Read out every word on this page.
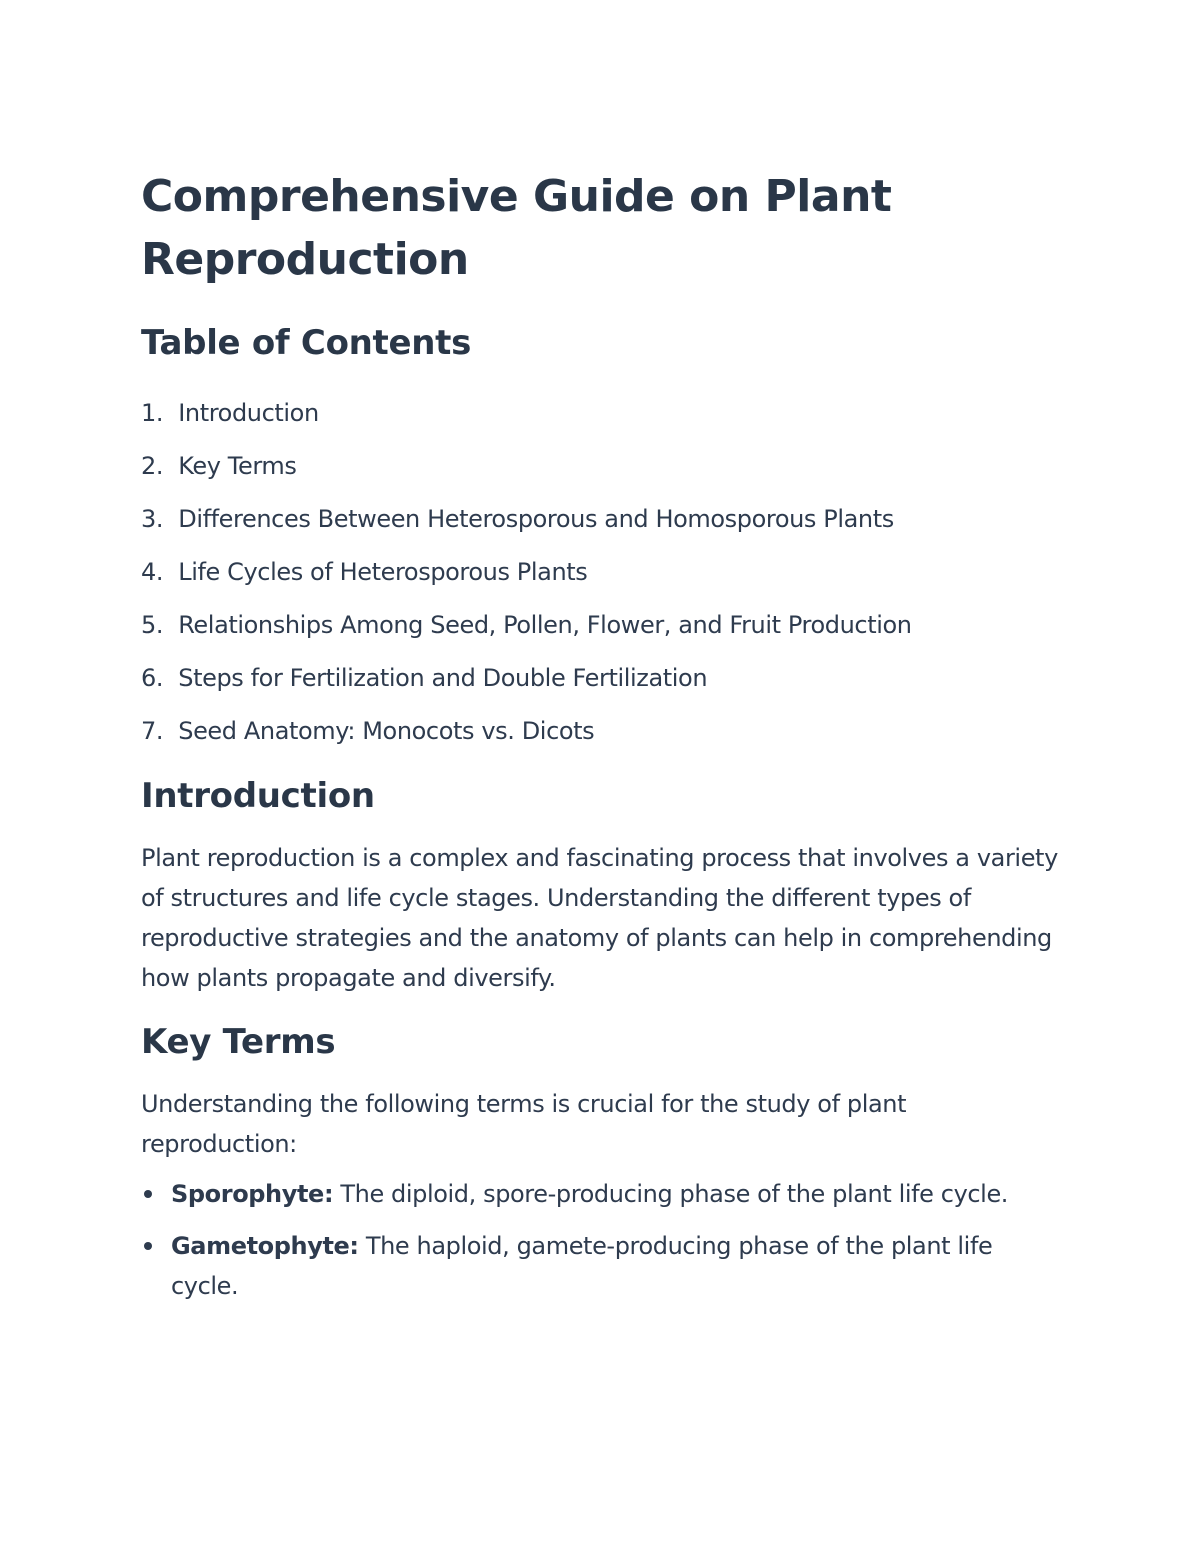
Comprehensive Guide on Plant Reproduction
Table of Contents
1. Introduction
2. Key Terms
3. Differences Between Heterosporous and Homosporous Plants
4. Life Cycles of Heterosporous Plants
5. Relationships Among Seed, Pollen, Flower, and Fruit Production
6. Steps for Fertilization and Double Fertilization
7. Seed Anatomy: Monocots vs. Dicots
Introduction

Plant reproduction is a complex and fascinating process that involves a variety of structures and life cycle stages. Understanding the different types of reproductive strategies and the anatomy of plants can help in comprehending how plants propagate and diversify.

Key Terms

Understanding the following terms is crucial for the study of plant reproduction:

Sporophyte: The diploid, spore-producing phase of the plant life cycle.
Gametophyte: The haploid, gamete-producing phase of the plant life cycle.
